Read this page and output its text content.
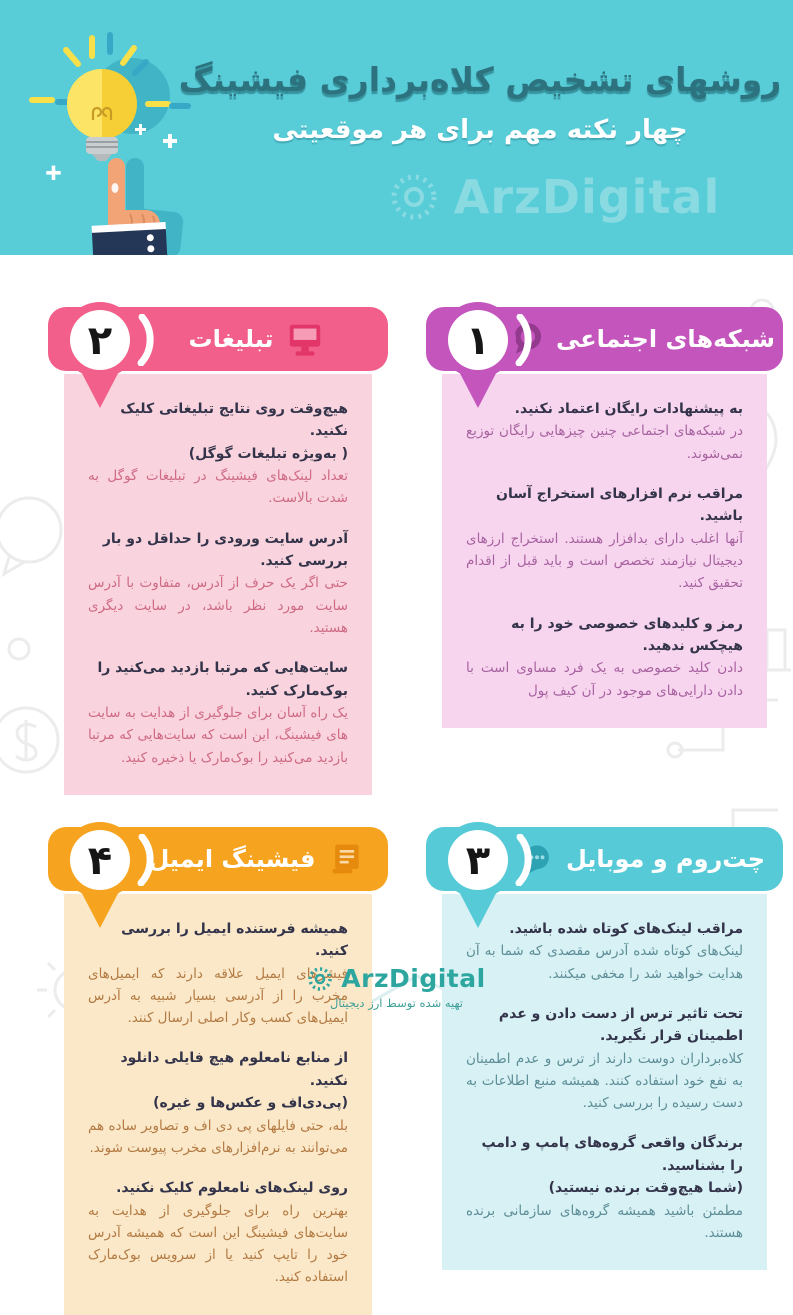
روشهای تشخیص کلاه‌برداری فیشینگ
چهار نکته مهم برای هر موقعیتی
ArzDigital
شبکه‌های اجتماعی
۱
به پیشنهادات رایگان اعتماد نکنید.
در شبکه‌های اجتماعی چنین چیزهایی رایگان توزیع نمی‌شوند.
مراقب نرم افزارهای استخراج آسان باشید.
آنها اغلب دارای بدافزار هستند. استخراج ارزهای دیجیتال نیازمند تخصص است و باید قبل از اقدام تحقیق کنید.
رمز و کلیدهای خصوصی خود را به هیچکس ندهید.
دادن کلید خصوصی به یک فرد مساوی است با دادن دارایی‌های موجود در آن کیف پول
تبلیغات
۲
هیچ‌وقت روی نتایج تبلیغاتی کلیک نکنید.
( به‌ویژه تبلیغات گوگل)
تعداد لینک‌های فیشینگ در تبلیغات گوگل به شدت بالاست.
آدرس سایت ورودی را حداقل دو بار بررسی کنید.
حتی اگر یک حرف از آدرس، متفاوت با آدرس سایت مورد نظر باشد، در سایت دیگری هستید.
سایت‌هایی که مرتبا بازدید می‌کنید را بوک‌مارک کنید.
یک راه آسان برای جلوگیری از هدایت به سایت های فیشینگ، این است که سایت‌هایی که مرتبا بازدید می‌کنید را بوک‌مارک یا ذخیره کنید.
چت‌روم و موبایل
۳
مراقب لینک‌های کوتاه شده باشید.
لینک‌های کوتاه شده آدرس مقصدی که شما به آن هدایت خواهید شد را مخفی میکنند.
تحت تاثیر ترس از دست دادن و عدم اطمینان قرار نگیرید.
کلاه‌برداران دوست دارند از ترس و عدم اطمینان به نفع خود استفاده کنند. همیشه منبع اطلاعات به دست رسیده را بررسی کنید.
برندگان واقعی گروه‌های پامپ و دامپ را بشناسید.
(شما هیچ‌وقت برنده نیستید)
مطمئن باشید همیشه گروه‌های سازمانی برنده هستند.
فیشینگ ایمیل
۴
همیشه فرستنده ایمیل را بررسی کنید.
فیشرهای ایمیل علاقه دارند که ایمیل‌های مخرب را از آدرسی بسیار شبیه به آدرس ایمیل‌های کسب وکار اصلی ارسال کنند.
از منابع نامعلوم هیچ فایلی دانلود نکنید.
(پی‌دی‌اف و عکس‌ها و غیره)
بله، حتی فایلهای پی دی اف و تصاویر ساده هم می‌توانند به نرم‌افزارهای مخرب پیوست شوند.
روی لینک‌های نامعلوم کلیک نکنید.
بهترین راه برای جلوگیری از هدایت به سایت‌های فیشینگ این است که همیشه آدرس خود را تایپ کنید یا از سرویس بوک‌مارک استفاده کنید.
ArzDigital
تهیه شده توسط ارز دیجیتال
